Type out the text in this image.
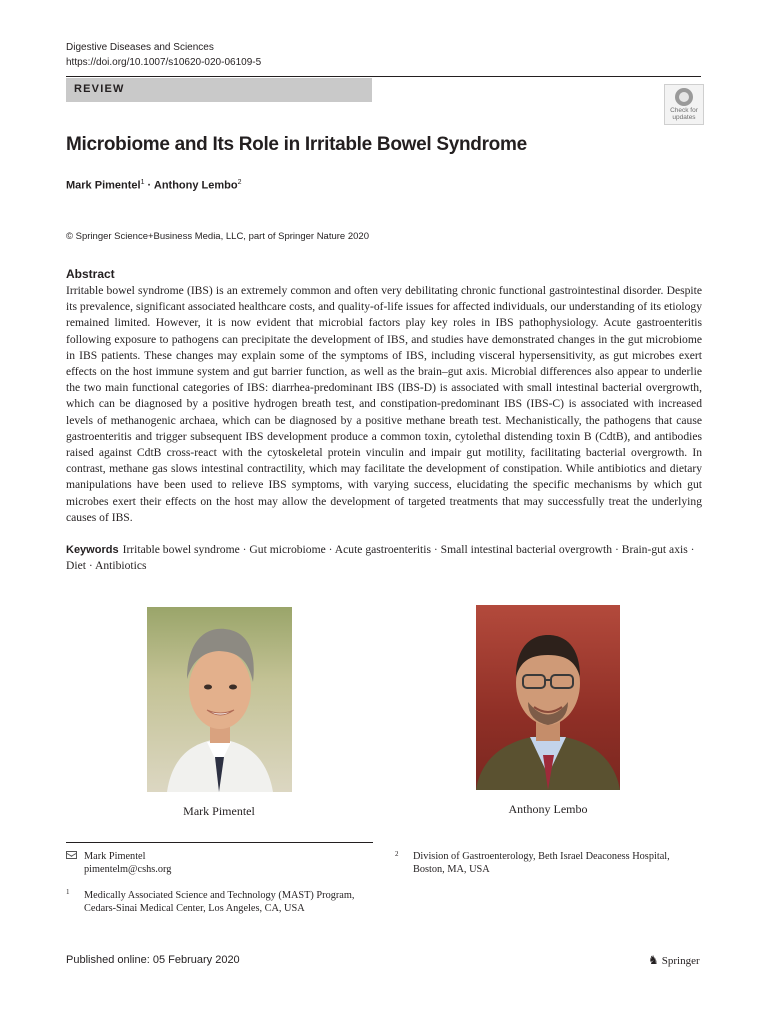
Digestive Diseases and Sciences
https://doi.org/10.1007/s10620-020-06109-5
REVIEW
Check for
updates
Microbiome and Its Role in Irritable Bowel Syndrome
Mark Pimentel$^1$ · Anthony Lembo$^2$
© Springer Science+Business Media, LLC, part of Springer Nature 2020
Abstract
Irritable bowel syndrome (IBS) is an extremely common and often very debilitating chronic functional gastrointestinal disorder. Despite its prevalence, significant associated healthcare costs, and quality-of-life issues for affected individuals, our understanding of its etiology remained limited. However, it is now evident that microbial factors play key roles in IBS pathophysiology. Acute gastroenteritis following exposure to pathogens can precipitate the development of IBS, and studies have demonstrated changes in the gut microbiome in IBS patients. These changes may explain some of the symptoms of IBS, including visceral hypersensitivity, as gut microbes exert effects on the host immune system and gut barrier function, as well as the brain–gut axis. Microbial differences also appear to underlie the two main functional categories of IBS: diarrhea-predominant IBS (IBS-D) is associated with small intestinal bacterial overgrowth, which can be diagnosed by a positive hydrogen breath test, and constipation-predominant IBS (IBS-C) is associated with increased levels of methanogenic archaea, which can be diagnosed by a positive methane breath test. Mechanistically, the pathogens that cause gastroenteritis and trigger subsequent IBS development produce a common toxin, cytolethal distending toxin B (CdtB), and antibodies raised against CdtB cross-react with the cytoskeletal protein vinculin and impair gut motility, facilitating bacterial overgrowth. In contrast, methane gas slows intestinal contractility, which may facilitate the development of constipation. While antibiotics and dietary manipulations have been used to relieve IBS symptoms, with varying success, elucidating the specific mechanisms by which gut microbes exert their effects on the host may allow the development of targeted treatments that may successfully treat the underlying causes of IBS.
Keywords Irritable bowel syndrome · Gut microbiome · Acute gastroenteritis · Small intestinal bacterial overgrowth · Brain-gut axis · Diet · Antibiotics
Mark Pimentel	Anthony Lembo
Mark Pimentel
pimentelm@cshs.org
1 Medically Associated Science and Technology (MAST) Program, Cedars-Sinai Medical Center, Los Angeles, CA, USA
2 Division of Gastroenterology, Beth Israel Deaconess Hospital, Boston, MA, USA
Published online: 05 February 2020	♞ Springer
